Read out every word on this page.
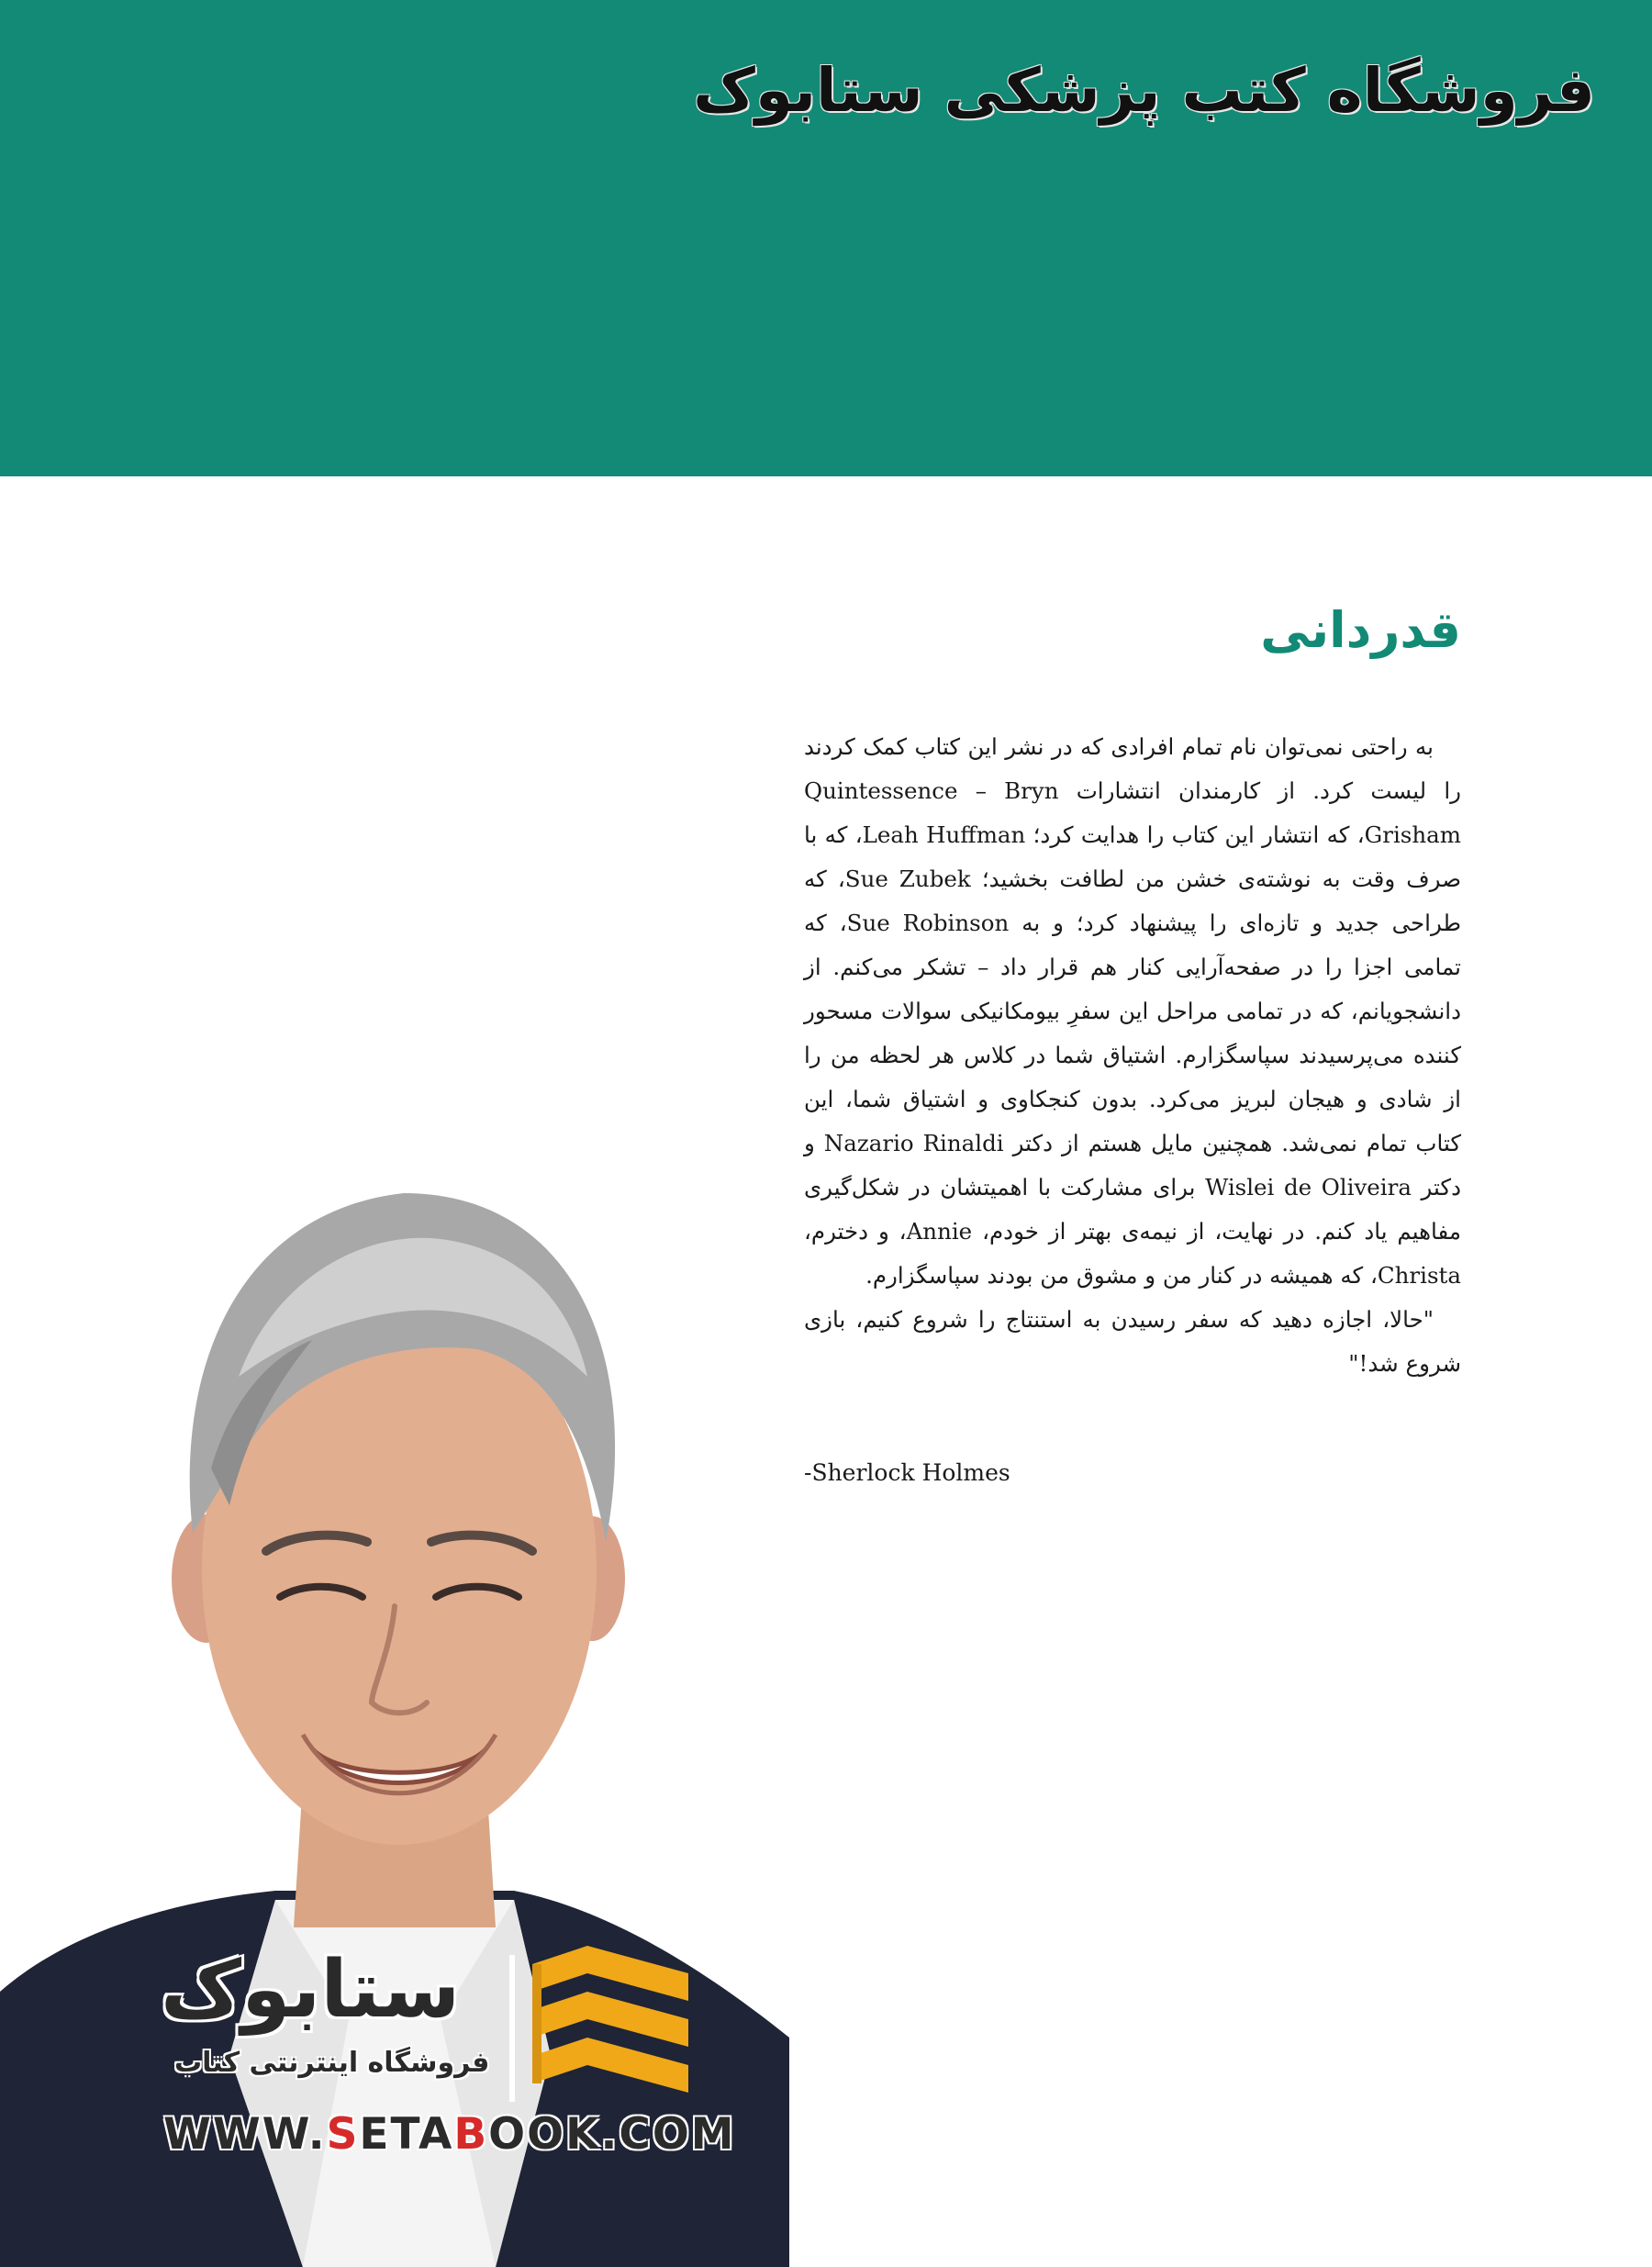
فروشگاه کتب پزشکی ستابوک
قدردانی

به راحتی نمی‌توان نام تمام افرادی که در نشر این کتاب کمک کردند را لیست کرد. از کارمندان انتشارات Quintessence – Bryn Grisham، که انتشار این کتاب را هدایت کرد؛ Leah Huffman، که با صرف وقت به نوشته‌ی خشن من لطافت بخشید؛ Sue Zubek، که طراحی جدید و تازه‌ای را پیشنهاد کرد؛ و به Sue Robinson، که تمامی اجزا را در صفحه‌آرایی کنار هم قرار داد – تشکر می‌کنم. از دانشجویانم، که در تمامی مراحل این سفرِ بیومکانیکی سوالات مسحور کننده می‌پرسیدند سپاسگزارم. اشتیاق شما در کلاس هر لحظه من را از شادی و هیجان لبریز می‌کرد. بدون کنجکاوی و اشتیاق شما، این کتاب تمام نمی‌شد. همچنین مایل هستم از دکتر Nazario Rinaldi و دکتر Wislei de Oliveira برای مشارکت با اهمیتشان در شکل‌گیری مفاهیم یاد کنم. در نهایت، از نیمه‌ی بهتر از خودم، Annie، و دخترم، Christa، که همیشه در کنار من و مشوق من بودند سپاسگزارم.

"حالا، اجازه دهید که سفر رسیدن به استنتاج را شروع کنیم، بازی شروع شد!"

-Sherlock Holmes
ستابوک
فروشگاه اینترنتی کتاب
WWW.SETABOOK.COM
